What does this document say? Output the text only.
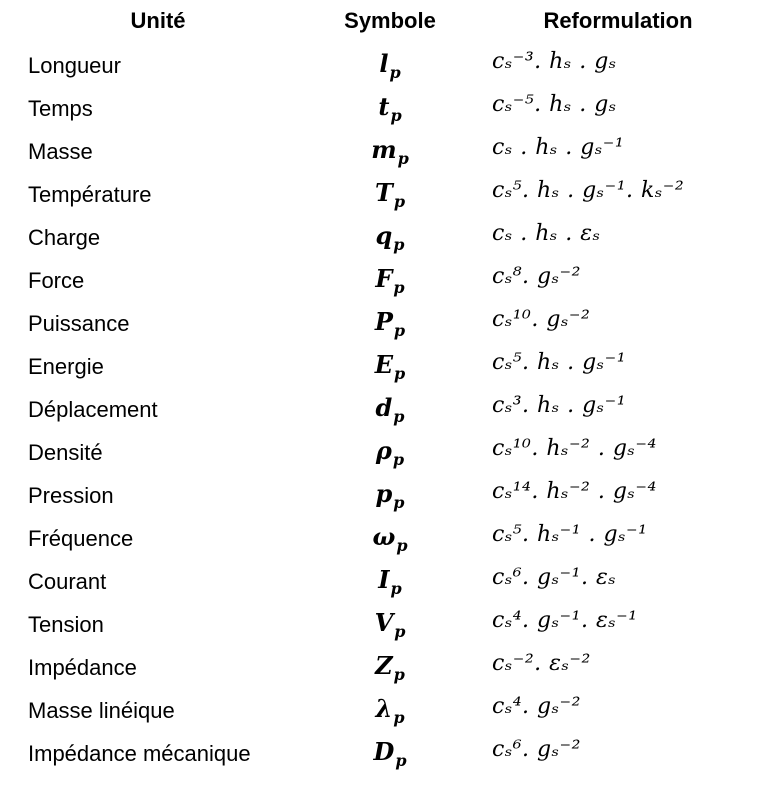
Unité	Symbole	Reformulation
Longueur	$l_p$	cₛ⁻³. hₛ . gₛ
Temps	$t_p$	cₛ⁻⁵. hₛ . gₛ
Masse	$m_p$	cₛ . hₛ . gₛ⁻¹
Température	$T_p$	cₛ⁵. hₛ . gₛ⁻¹. kₛ⁻²
Charge	$q_p$	cₛ . hₛ . εₛ
Force	$F_p$	cₛ⁸. gₛ⁻²
Puissance	$P_p$	cₛ¹⁰. gₛ⁻²
Energie	$E_p$	cₛ⁵. hₛ . gₛ⁻¹
Déplacement	$d_p$	cₛ³. hₛ . gₛ⁻¹
Densité	$\rho_p$	cₛ¹⁰. hₛ⁻² . gₛ⁻⁴
Pression	$p_p$	cₛ¹⁴. hₛ⁻² . gₛ⁻⁴
Fréquence	$\omega_p$	cₛ⁵. hₛ⁻¹ . gₛ⁻¹
Courant	$I_p$	cₛ⁶. gₛ⁻¹. εₛ
Tension	$V_p$	cₛ⁴. gₛ⁻¹. εₛ⁻¹
Impédance	$Z_p$	cₛ⁻². εₛ⁻²
Masse linéique	$\lambda_p$	cₛ⁴. gₛ⁻²
Impédance mécanique	$D_p$	cₛ⁶. gₛ⁻²
